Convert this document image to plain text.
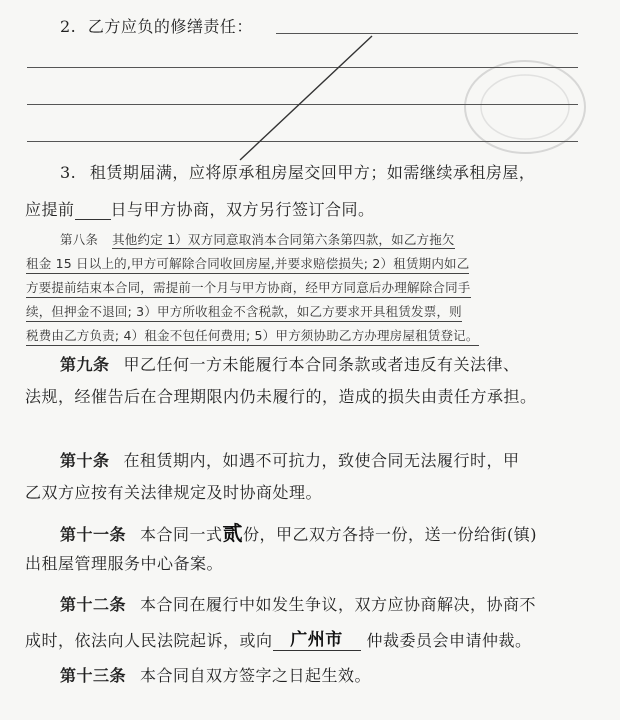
2. 乙方应负的修缮责任：
3. 租赁期届满，应将原承租房屋交回甲方；如需继续承租房屋，
应提前 日与甲方协商，双方另行签订合同。
第八条 其他约定 1）双方同意取消本合同第六条第四款，如乙方拖欠
租金 15 日以上的,甲方可解除合同收回房屋,并要求赔偿损失; 2）租赁期内如乙
方要提前结束本合同，需提前一个月与甲方协商，经甲方同意后办理解除合同手
续，但押金不退回; 3）甲方所收租金不含税款，如乙方要求开具租赁发票，则
税费由乙方负责; 4）租金不包任何费用; 5）甲方须协助乙方办理房屋租赁登记。
第九条 甲乙任何一方未能履行本合同条款或者违反有关法律、
法规，经催告后在合理期限内仍未履行的，造成的损失由责任方承担。
第十条 在租赁期内，如遇不可抗力，致使合同无法履行时，甲
乙双方应按有关法律规定及时协商处理。
第十一条 本合同一式贰份，甲乙双方各持一份，送一份给街(镇)
出租屋管理服务中心备案。
第十二条 本合同在履行中如发生争议，双方应协商解决，协商不
成时，依法向人民法院起诉，或向 广州市 仲裁委员会申请仲裁。
第十三条 本合同自双方签字之日起生效。
